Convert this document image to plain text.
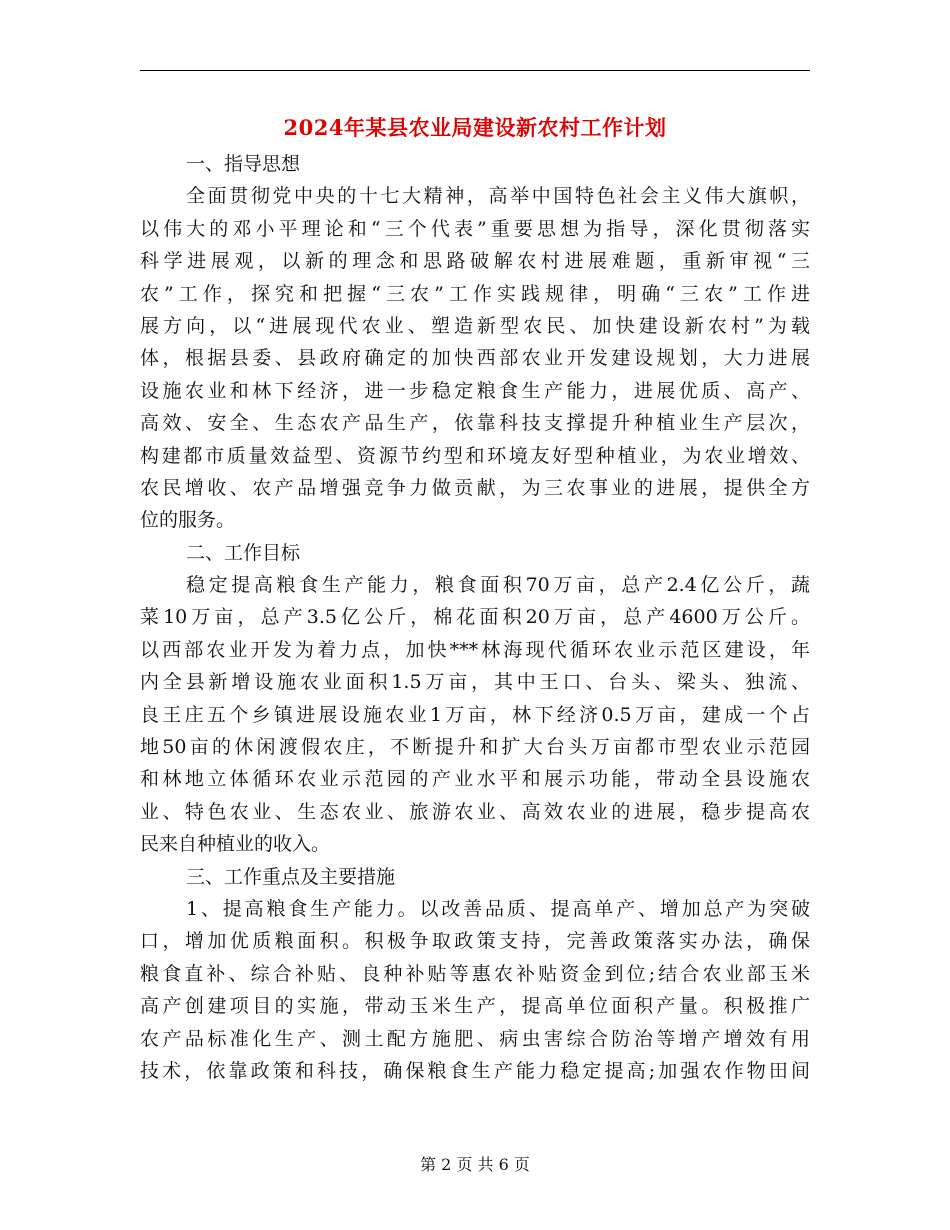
2024年某县农业局建设新农村工作计划
一、指导思想
全面贯彻党中央的十七大精神，高举中国特色社会主义伟大旗帜，
以伟大的邓小平理论和“三个代表”重要思想为指导，深化贯彻落实
科学进展观，以新的理念和思路破解农村进展难题，重新审视“三
农”工作，探究和把握“三农”工作实践规律，明确“三农”工作进
展方向，以“进展现代农业、塑造新型农民、加快建设新农村”为载
体，根据县委、县政府确定的加快西部农业开发建设规划，大力进展
设施农业和林下经济，进一步稳定粮食生产能力，进展优质、高产、
高效、安全、生态农产品生产，依靠科技支撑提升种植业生产层次，
构建都市质量效益型、资源节约型和环境友好型种植业，为农业增效、
农民增收、农产品增强竞争力做贡献，为三农事业的进展，提供全方
位的服务。
二、工作目标
稳定提高粮食生产能力，粮食面积70万亩，总产2.4亿公斤，蔬
菜10万亩，总产3.5亿公斤，棉花面积20万亩，总产4600万公斤。
以西部农业开发为着力点，加快***林海现代循环农业示范区建设，年
内全县新增设施农业面积1.5万亩，其中王口、台头、梁头、独流、
良王庄五个乡镇进展设施农业1万亩，林下经济0.5万亩，建成一个占
地50亩的休闲渡假农庄，不断提升和扩大台头万亩都市型农业示范园
和林地立体循环农业示范园的产业水平和展示功能，带动全县设施农
业、特色农业、生态农业、旅游农业、高效农业的进展，稳步提高农
民来自种植业的收入。
三、工作重点及主要措施
1、提高粮食生产能力。以改善品质、提高单产、增加总产为突破
口，增加优质粮面积。积极争取政策支持，完善政策落实办法，确保
粮食直补、综合补贴、良种补贴等惠农补贴资金到位;结合农业部玉米
高产创建项目的实施，带动玉米生产，提高单位面积产量。积极推广
农产品标准化生产、测土配方施肥、病虫害综合防治等增产增效有用
技术，依靠政策和科技，确保粮食生产能力稳定提高;加强农作物田间
第 2 页 共 6 页
